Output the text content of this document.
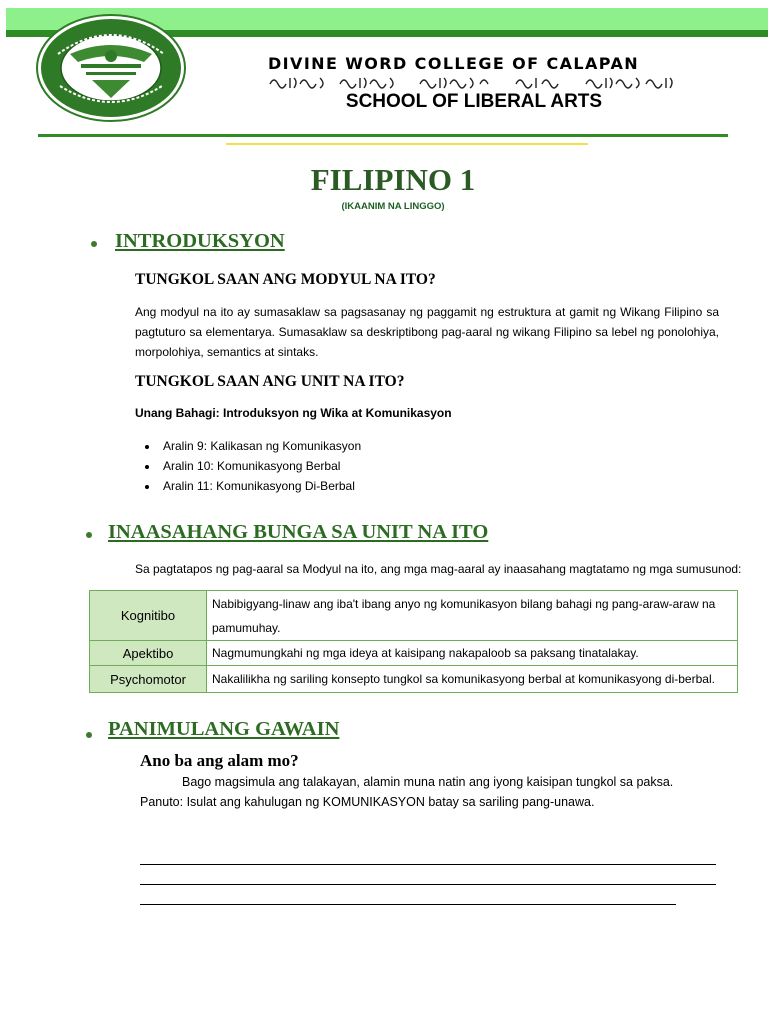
DIVINE WORD COLLEGE OF CALAPAN
SCHOOL OF LIBERAL ARTS
FILIPINO 1
(IKAANIM NA LINGGO)
INTRODUKSYON
TUNGKOL SAAN ANG MODYUL NA ITO?
Ang modyul na ito ay sumasaklaw sa pagsasanay ng paggamit ng estruktura at gamit ng Wikang Filipino sa pagtuturo sa elementarya. Sumasaklaw sa deskriptibong pag-aaral ng wikang Filipino sa lebel ng ponolohiya, morpolohiya, semantics at sintaks.
TUNGKOL SAAN ANG UNIT NA ITO?
Unang Bahagi: Introduksyon ng Wika at Komunikasyon
Aralin 9: Kalikasan ng Komunikasyon
Aralin 10: Komunikasyong Berbal
Aralin 11: Komunikasyong Di-Berbal
INAASAHANG BUNGA SA UNIT NA ITO
Sa pagtatapos ng pag-aaral sa Modyul na ito, ang mga mag-aaral ay inaasahang magtatamo ng mga sumusunod:
Kognitibo	Nabibigyang-linaw ang iba't ibang anyo ng komunikasyon bilang bahagi ng pang-araw-araw na pamumuhay.
Apektibo	Nagmumungkahi ng mga ideya at kaisipang nakapaloob sa paksang tinatalakay.
Psychomotor	Nakalilikha ng sariling konsepto tungkol sa komunikasyong berbal at komunikasyong di-berbal.
PANIMULANG GAWAIN
Ano ba ang alam mo?
Bago magsimula ang talakayan, alamin muna natin ang iyong kaisipan tungkol sa paksa.
Panuto: Isulat ang kahulugan ng KOMUNIKASYON batay sa sariling pang-unawa.
